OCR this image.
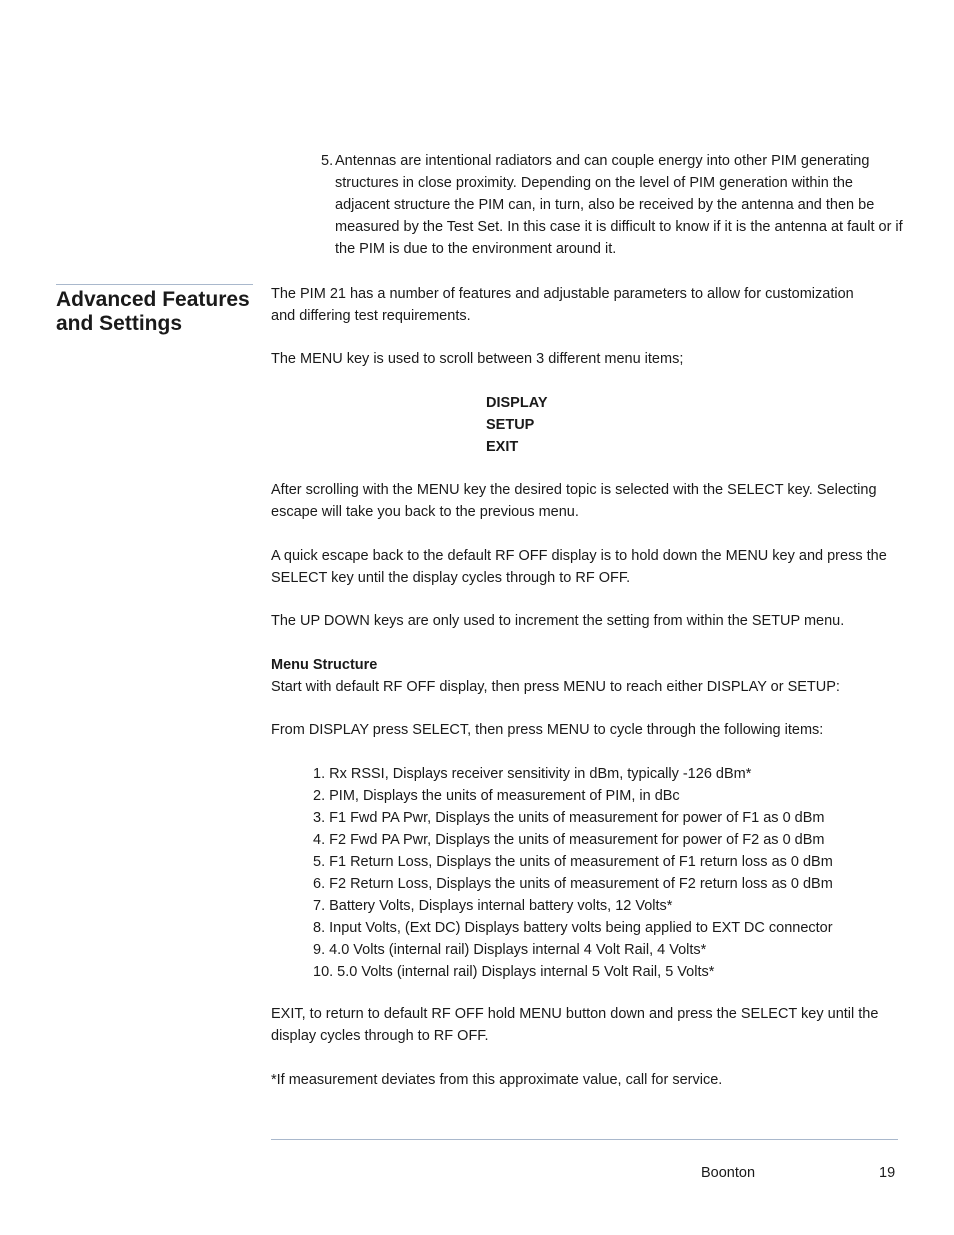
5. Antennas are intentional radiators and can couple energy into other PIM generating structures in close proximity. Depending on the level of PIM generation within the adjacent structure the PIM can, in turn, also be received by the antenna and then be measured by the Test Set. In this case it is difficult to know if it is the antenna at fault or if the PIM is due to the environment around it.
Advanced Features
and Settings

The PIM 21 has a number of features and adjustable parameters to allow for customization and differing test requirements.

The MENU key is used to scroll between 3 different menu items;

DISPLAY
SETUP
EXIT

After scrolling with the MENU key the desired topic is selected with the SELECT key. Selecting escape will take you back to the previous menu.

A quick escape back to the default RF OFF display is to hold down the MENU key and press the SELECT key until the display cycles through to RF OFF.

The UP DOWN keys are only used to increment the setting from within the SETUP menu.

Menu Structure

Start with default RF OFF display, then press MENU to reach either DISPLAY or SETUP:

From DISPLAY press SELECT, then press MENU to cycle through the following items:

1. Rx RSSI, Displays receiver sensitivity in dBm, typically -126 dBm*
2. PIM, Displays the units of measurement of PIM, in dBc
3. F1 Fwd PA Pwr, Displays the units of measurement for power of F1 as 0 dBm
4. F2 Fwd PA Pwr, Displays the units of measurement for power of F2 as 0 dBm
5. F1 Return Loss, Displays the units of measurement of F1 return loss as 0 dBm
6. F2 Return Loss, Displays the units of measurement of F2 return loss as 0 dBm
7. Battery Volts, Displays internal battery volts, 12 Volts*
8. Input Volts, (Ext DC) Displays battery volts being applied to EXT DC connector
9. 4.0 Volts (internal rail) Displays internal 4 Volt Rail, 4 Volts*
10. 5.0 Volts (internal rail) Displays internal 5 Volt Rail, 5 Volts*

EXIT, to return to default RF OFF hold MENU button down and press the SELECT key until the display cycles through to RF OFF.

*If measurement deviates from this approximate value, call for service.

Boonton	19
